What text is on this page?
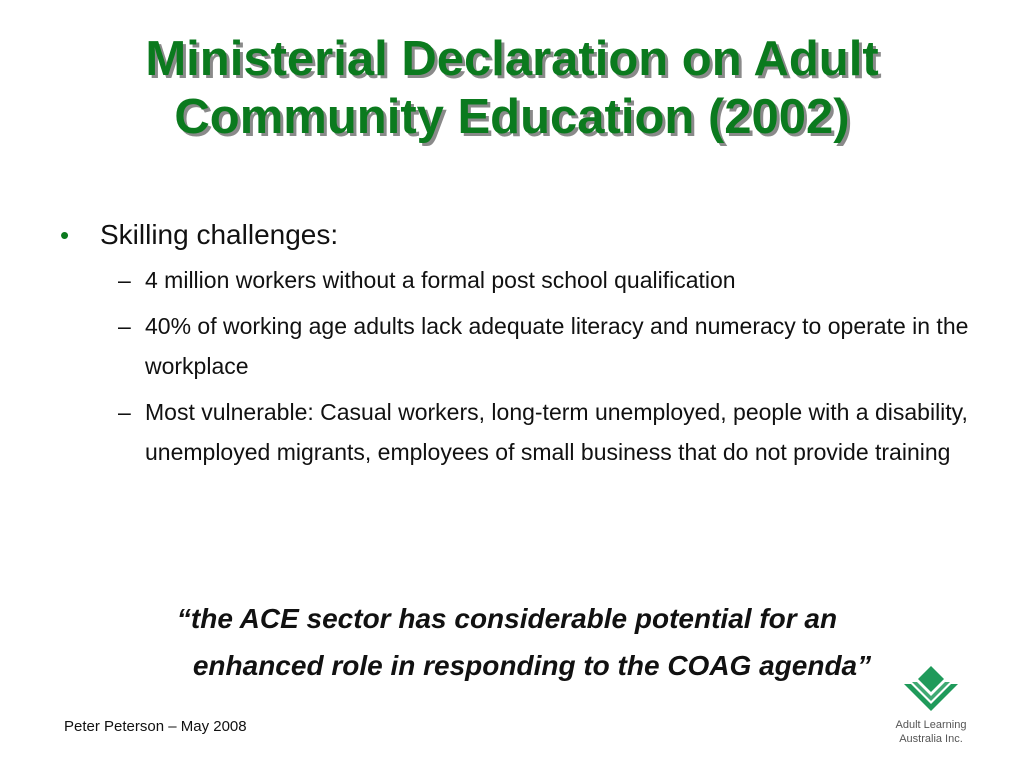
Ministerial Declaration on Adult
Community Education (2002)
• Skilling challenges:
– 4 million workers without a formal post school qualification
– 40% of working age adults lack adequate literacy and numeracy to operate in the workplace
– Most vulnerable: Casual workers, long-term unemployed, people with a disability, unemployed migrants, employees of small business that do not provide training
“the ACE sector has considerable potential for an
enhanced role in responding to the COAG agenda”
Peter Peterson – May 2008	Adult Learning
Australia Inc.
